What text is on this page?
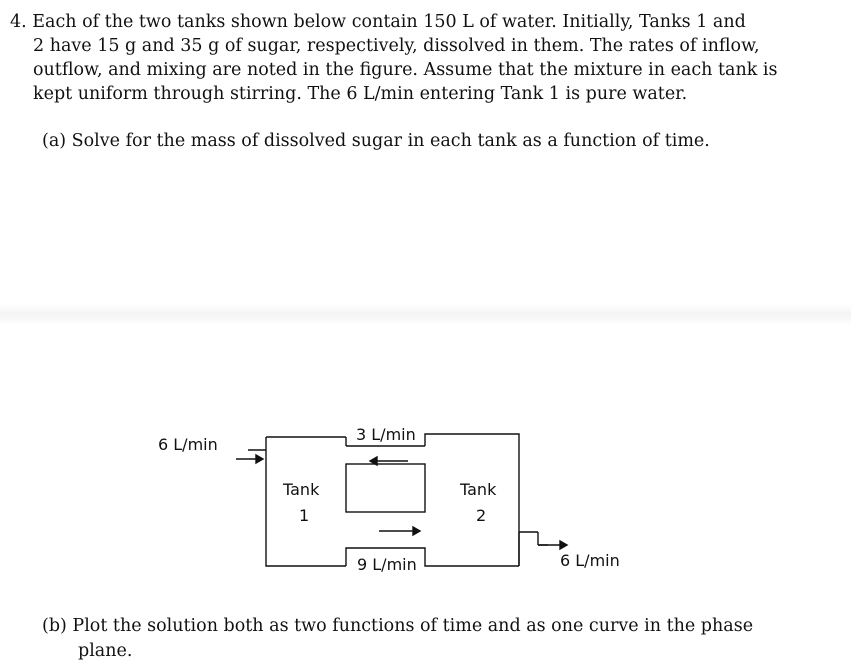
4. Each of the two tanks shown below contain 150 L of water. Initially, Tanks 1 and
2 have 15 g and 35 g of sugar, respectively, dissolved in them. The rates of inflow,
outflow, and mixing are noted in the figure. Assume that the mixture in each tank is
kept uniform through stirring. The 6 L/min entering Tank 1 is pure water.
(a) Solve for the mass of dissolved sugar in each tank as a function of time.
6 L/min
3 L/min
9 L/min	6 L/min
Tank
1
Tank
2
(b) Plot the solution both as two functions of time and as one curve in the phase
plane.
